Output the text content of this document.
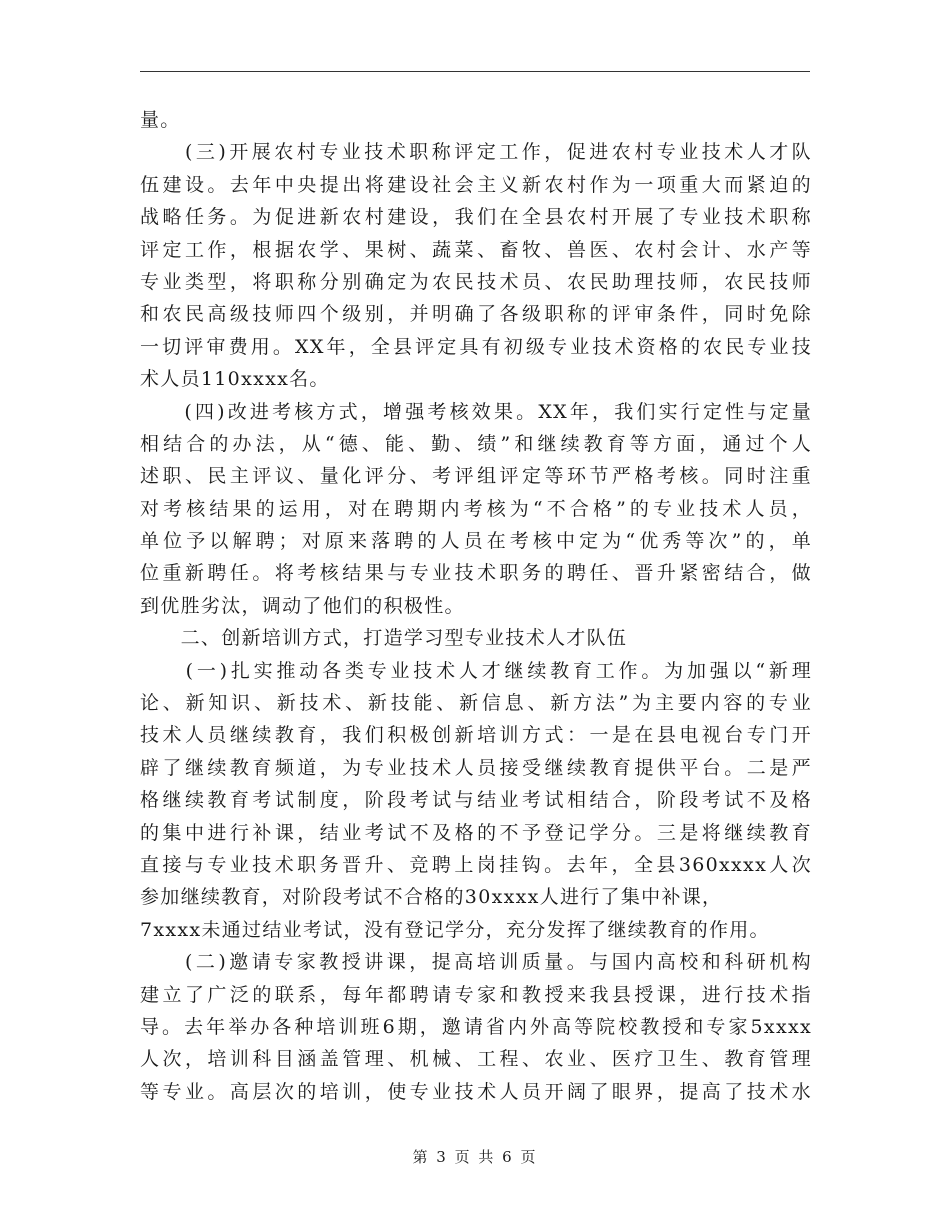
量。
　　(三)开展农村专业技术职称评定工作，促进农村专业技术人才队
伍建设。去年中央提出将建设社会主义新农村作为一项重大而紧迫的
战略任务。为促进新农村建设，我们在全县农村开展了专业技术职称
评定工作，根据农学、果树、蔬菜、畜牧、兽医、农村会计、水产等
专业类型，将职称分别确定为农民技术员、农民助理技师，农民技师
和农民高级技师四个级别，并明确了各级职称的评审条件，同时免除
一切评审费用。XX年，全县评定具有初级专业技术资格的农民专业技
术人员110xxxx名。
　　(四)改进考核方式，增强考核效果。XX年，我们实行定性与定量
相结合的办法，从“德、能、勤、绩”和继续教育等方面，通过个人
述职、民主评议、量化评分、考评组评定等环节严格考核。同时注重
对考核结果的运用，对在聘期内考核为“不合格”的专业技术人员，
单位予以解聘；对原来落聘的人员在考核中定为“优秀等次”的，单
位重新聘任。将考核结果与专业技术职务的聘任、晋升紧密结合，做
到优胜劣汰，调动了他们的积极性。
　　二、创新培训方式，打造学习型专业技术人才队伍
　　(一)扎实推动各类专业技术人才继续教育工作。为加强以“新理
论、新知识、新技术、新技能、新信息、新方法”为主要内容的专业
技术人员继续教育，我们积极创新培训方式：一是在县电视台专门开
辟了继续教育频道，为专业技术人员接受继续教育提供平台。二是严
格继续教育考试制度，阶段考试与结业考试相结合，阶段考试不及格
的集中进行补课，结业考试不及格的不予登记学分。三是将继续教育
直接与专业技术职务晋升、竞聘上岗挂钩。去年，全县360xxxx人次
参加继续教育，对阶段考试不合格的30xxxx人进行了集中补课，
7xxxx未通过结业考试，没有登记学分，充分发挥了继续教育的作用。
　　(二)邀请专家教授讲课，提高培训质量。与国内高校和科研机构
建立了广泛的联系，每年都聘请专家和教授来我县授课，进行技术指
导。去年举办各种培训班6期，邀请省内外高等院校教授和专家5xxxx
人次，培训科目涵盖管理、机械、工程、农业、医疗卫生、教育管理
等专业。高层次的培训，使专业技术人员开阔了眼界，提高了技术水
第 3 页 共 6 页
